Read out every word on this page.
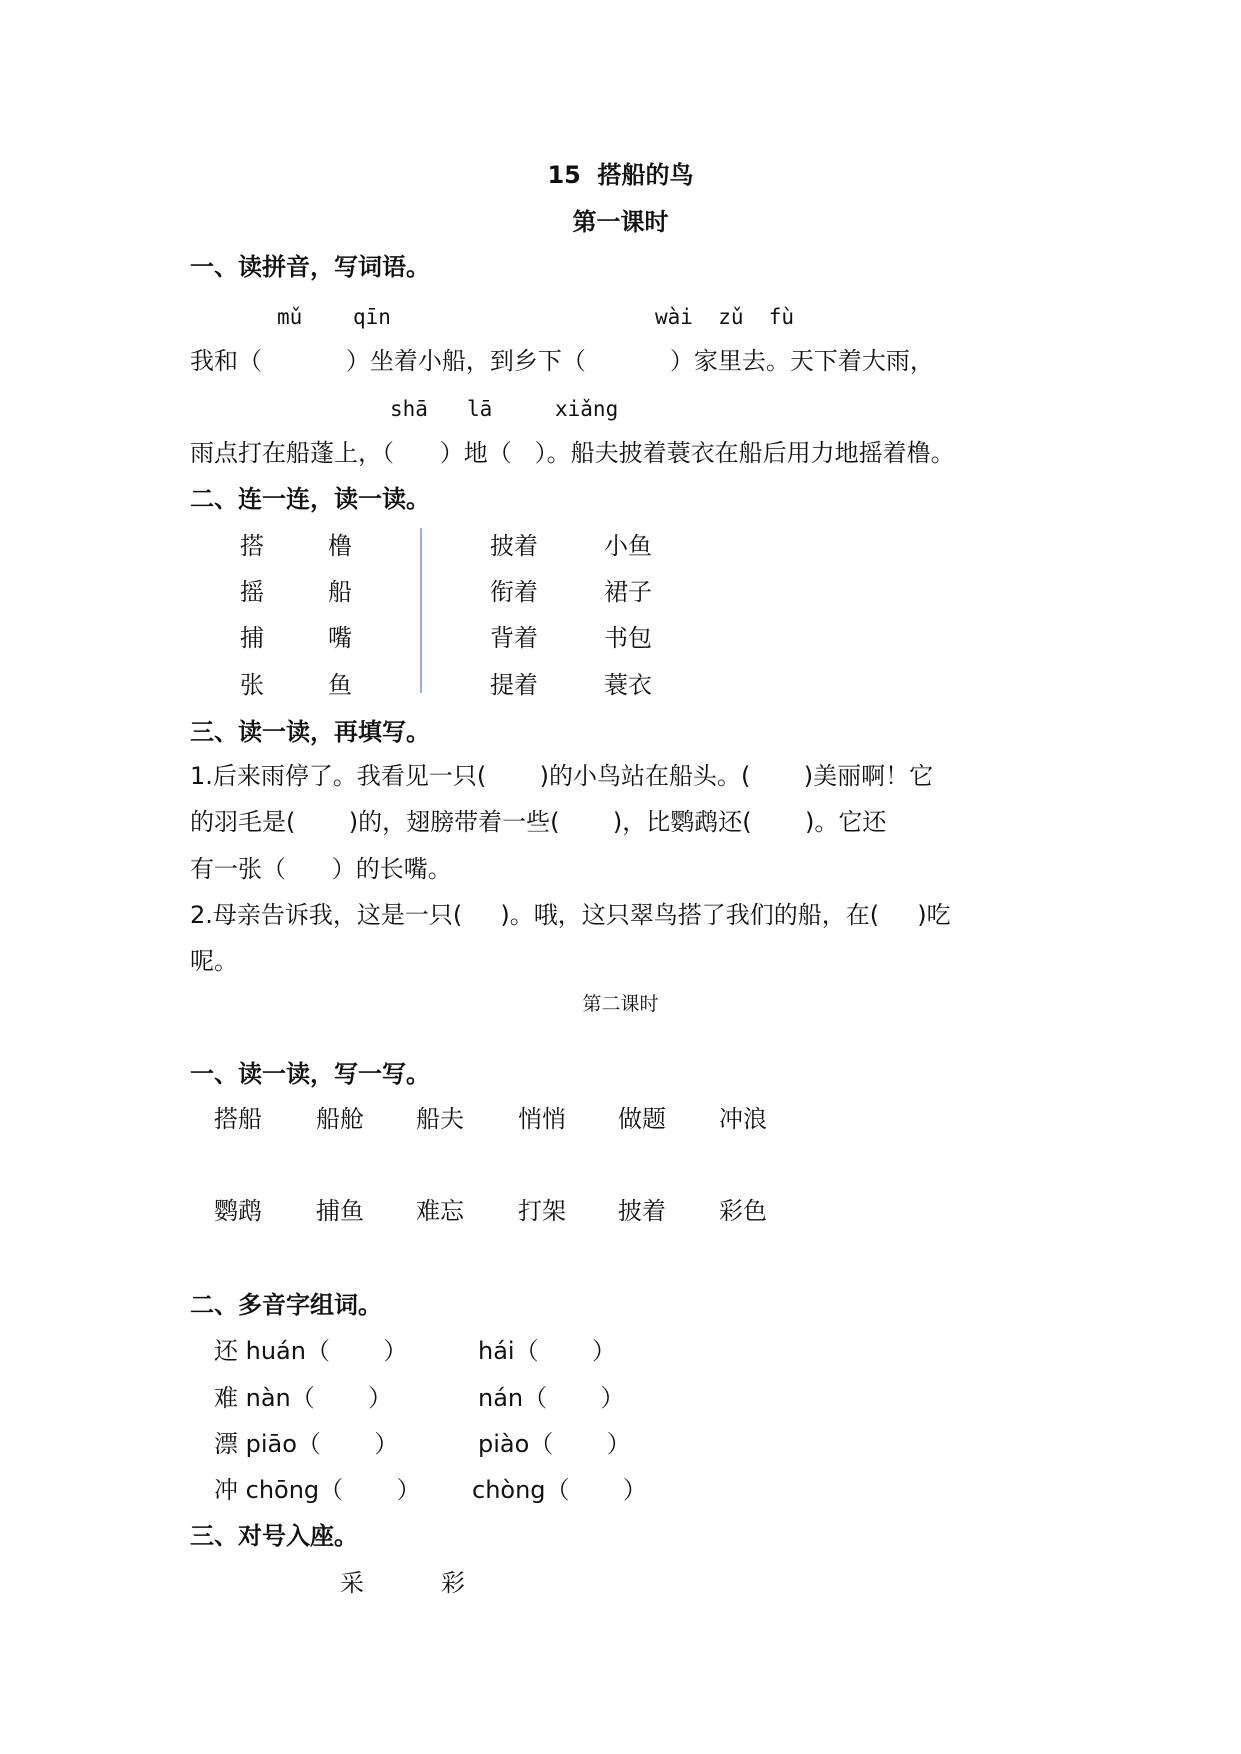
15  搭船的鸟
第一课时
一、读拼音，写词语。
mǔ qīn	wài  zǔ  fù
我和（           ）坐着小船，到乡下（           ）家里去。天下着大雨，
shā lā	xiǎng
雨点打在船蓬上，（      ）地（   ）。船夫披着蓑衣在船后用力地摇着橹。
二、连一连，读一读。
搭	橹
摇	船
捕	嘴
张	鱼
披着	小鱼
衔着	裙子
背着	书包
提着	蓑衣
三、读一读，再填写。
1.后来雨停了。我看见一只(       )的小鸟站在船头。(       )美丽啊！它
的羽毛是(       )的，翅膀带着一些(       )，比鹦鹉还(       )。它还
有一张（      ）的长嘴。
2.母亲告诉我，这是一只(     )。哦，这只翠鸟搭了我们的船，在(     )吃
呢。
第二课时
一、读一读，写一写。
搭船 船舱 船夫 悄悄 做题 冲浪
鹦鹉 捕鱼 难忘 打架 披着 彩色
二、多音字组词。
还 huán（       ）	hái（       ）
难 nàn（       ）	nán（       ）
漂 piāo（       ）	piào（       ）
冲 chōng（       ） chòng（       ）
三、对号入座。
采	彩
